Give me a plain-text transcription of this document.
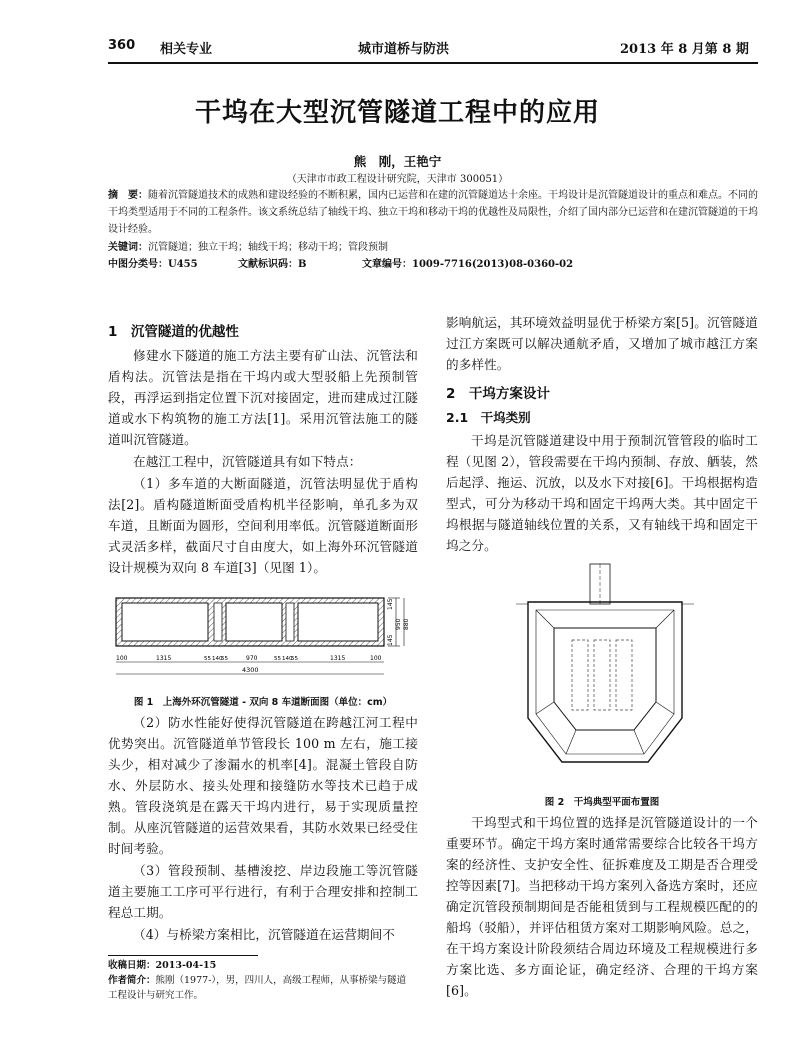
360 相关专业	城市道桥与防洪	2013 年 8 月第 8 期
干坞在大型沉管隧道工程中的应用
熊　刚，王艳宁
（天津市市政工程设计研究院，天津市 300051）
摘　要：随着沉管隧道技术的成熟和建设经验的不断积累，国内已运营和在建的沉管隧道达十余座。干坞设计是沉管隧道设计的重点和难点。不同的干坞类型适用于不同的工程条件。该文系统总结了轴线干坞、独立干坞和移动干坞的优越性及局限性，介绍了国内部分已运营和在建沉管隧道的干坞设计经验。
关键词：沉管隧道；独立干坞；轴线干坞；移动干坞；管段预制
中图分类号：U455	文献标识码：B	文章编号：1009-7716(2013)08-0360-02
1　沉管隧道的优越性
修建水下隧道的施工方法主要有矿山法、沉管法和盾构法。沉管法是指在干坞内或大型驳船上先预制管段，再浮运到指定位置下沉对接固定，进而建成过江隧道或水下构筑物的施工方法[1]。采用沉管法施工的隧道叫沉管隧道。
在越江工程中，沉管隧道具有如下特点：
（1）多车道的大断面隧道，沉管法明显优于盾构法[2]。盾构隧道断面受盾构机半径影响，单孔多为双车道，且断面为圆形，空间利用率低。沉管隧道断面形式灵活多样，截面尺寸自由度大，如上海外环沉管隧道设计规模为双向 8 车道[3]（见图 1）。
145
950 880
145
100	1315	55 140
55	970	55 140
55	1315	100
4300
图 1　上海外环沉管隧道 - 双向 8 车道断面图（单位：cm）
（2）防水性能好使得沉管隧道在跨越江河工程中优势突出。沉管隧道单节管段长 100 m 左右，施工接头少，相对减少了渗漏水的机率[4]。混凝土管段自防水、外层防水、接头处理和接缝防水等技术已趋于成熟。管段浇筑是在露天干坞内进行，易于实现质量控制。从座沉管隧道的运营效果看，其防水效果已经受住时间考验。
（3）管段预制、基槽浚挖、岸边段施工等沉管隧道主要施工工序可平行进行，有利于合理安排和控制工程总工期。
（4）与桥梁方案相比，沉管隧道在运营期间不
收稿日期：2013-04-15
作者简介：熊刚（1977-），男，四川人，高级工程师，从事桥梁与隧道工程设计与研究工作。
影响航运，其环境效益明显优于桥梁方案[5]。沉管隧道过江方案既可以解决通航矛盾，又增加了城市越江方案的多样性。
2　干坞方案设计
2.1　干坞类别
干坞是沉管隧道建设中用于预制沉管管段的临时工程（见图 2），管段需要在干坞内预制、存放、舾装，然后起浮、拖运、沉放，以及水下对接[6]。干坞根据构造型式，可分为移动干坞和固定干坞两大类。其中固定干坞根据与隧道轴线位置的关系，又有轴线干坞和固定干坞之分。
图 2　干坞典型平面布置图
干坞型式和干坞位置的选择是沉管隧道设计的一个重要环节。确定干坞方案时通常需要综合比较各干坞方案的经济性、支护安全性、征拆难度及工期是否合理受控等因素[7]。当把移动干坞方案列入备选方案时，还应确定沉管段预制期间是否能租赁到与工程规模匹配的的船坞（驳船），并评估租赁方案对工期影响风险。总之，在干坞方案设计阶段须结合周边环境及工程规模进行多方案比选、多方面论证，确定经济、合理的干坞方案[6]。
